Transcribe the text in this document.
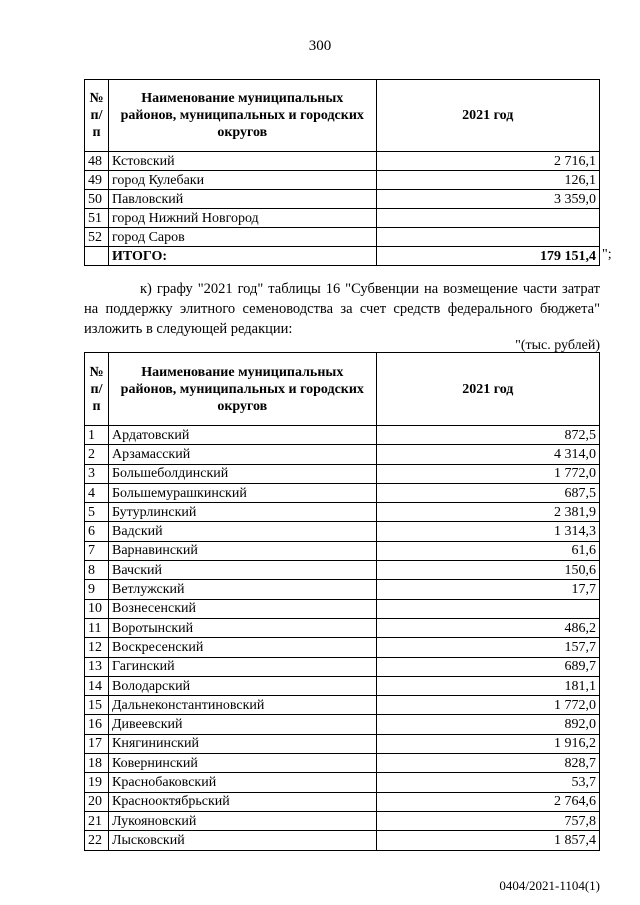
300
№ п/п	Наименование муниципальных районов, муниципальных и городских округов	2021 год
48	Кстовский	2 716,1
49	город Кулебаки	126,1
50	Павловский	3 359,0
51	город Нижний Новгород	
52	город Саров	
	ИТОГО:	179 151,4 ";
к) графу "2021 год" таблицы 16 "Субвенции на возмещение части затрат на поддержку элитного семеноводства за счет средств федерального бюджета" изложить в следующей редакции:
"(тыс. рублей)
№ п/п	Наименование муниципальных районов, муниципальных и городских округов	2021 год
1	Ардатовский	872,5
2	Арзамасский	4 314,0
3	Большеболдинский	1 772,0
4	Большемурашкинский	687,5
5	Бутурлинский	2 381,9
6	Вадский	1 314,3
7	Варнавинский	61,6
8	Вачский	150,6
9	Ветлужский	17,7
10	Вознесенский	
11	Воротынский	486,2
12	Воскресенский	157,7
13	Гагинский	689,7
14	Володарский	181,1
15	Дальнеконстантиновский	1 772,0
16	Дивеевский	892,0
17	Княгининский	1 916,2
18	Ковернинский	828,7
19	Краснобаковский	53,7
20	Краснооктябрьский	2 764,6
21	Лукояновский	757,8
22	Лысковский	1 857,4
0404/2021-1104(1)
